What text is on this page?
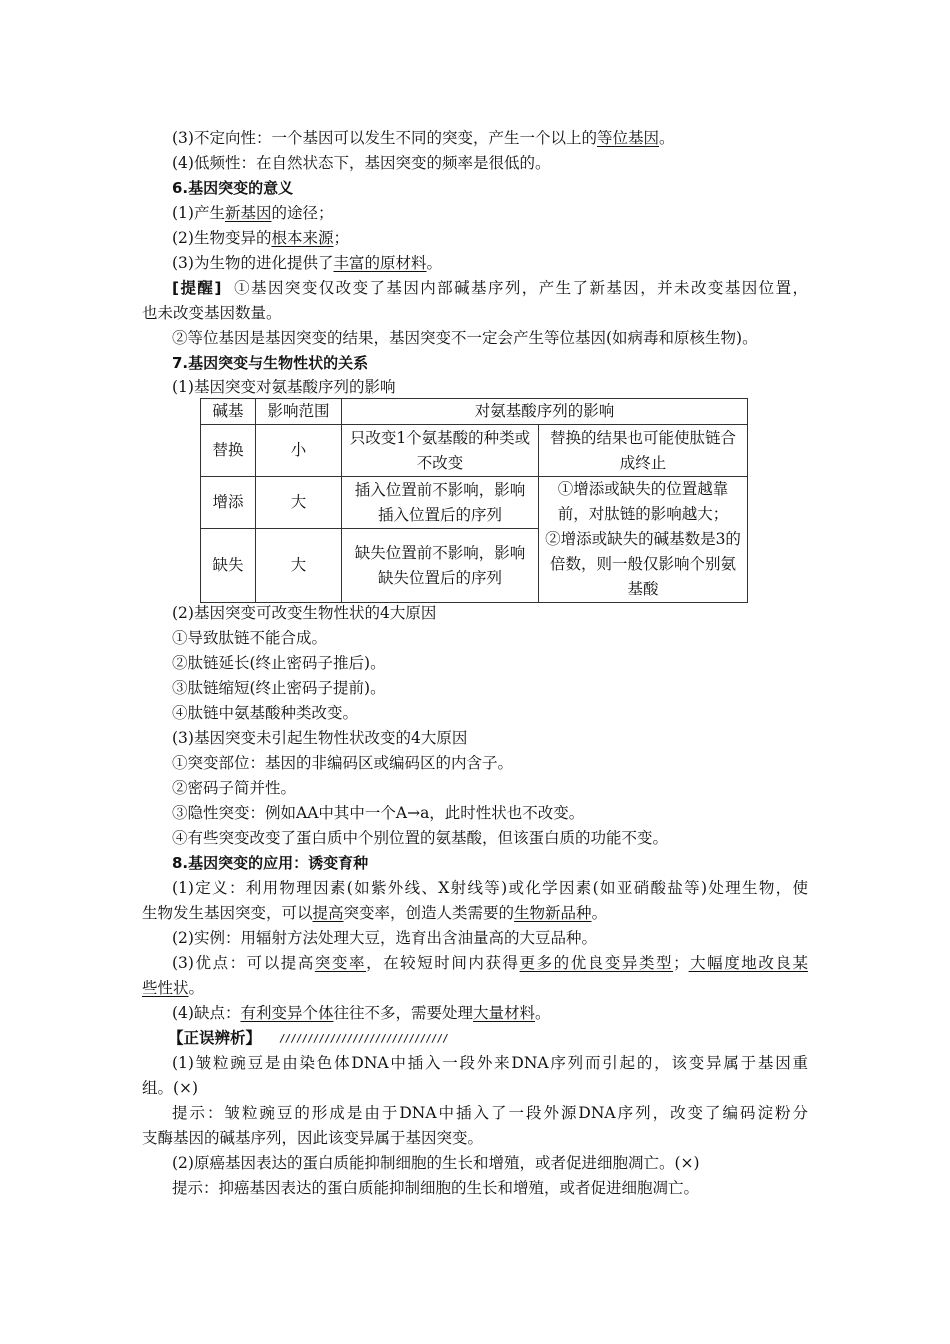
(3)不定向性：一个基因可以发生不同的突变，产生一个以上的等位基因。
(4)低频性：在自然状态下，基因突变的频率是很低的。
6.基因突变的意义
(1)产生新基因的途径；
(2)生物变异的根本来源；
(3)为生物的进化提供了丰富的原材料。
[提醒] ①基因突变仅改变了基因内部碱基序列，产生了新基因，并未改变基因位置，
也未改变基因数量。
②等位基因是基因突变的结果，基因突变不一定会产生等位基因(如病毒和原核生物)。
7.基因突变与生物性状的关系
(1)基因突变对氨基酸序列的影响
碱基	影响范围	对氨基酸序列的影响	
替换	小	只改变1个氨基酸的种类或不改变	替换的结果也可能使肽链合成终止
增添	大	插入位置前不影响，影响插入位置后的序列	①增添或缺失的位置越靠前，对肽链的影响越大；
②增添或缺失的碱基数是3的倍数，则一般仅影响个别氨基酸

缺失	大	缺失位置前不影响，影响缺失位置后的序列	
(2)基因突变可改变生物性状的4大原因
①导致肽链不能合成。
②肽链延长(终止密码子推后)。
③肽链缩短(终止密码子提前)。
④肽链中氨基酸种类改变。
(3)基因突变未引起生物性状改变的4大原因
①突变部位：基因的非编码区或编码区的内含子。
②密码子简并性。
③隐性突变：例如AA中其中一个A→a，此时性状也不改变。
④有些突变改变了蛋白质中个别位置的氨基酸，但该蛋白质的功能不变。
8.基因突变的应用：诱变育种
(1)定义：利用物理因素(如紫外线、X射线等)或化学因素(如亚硝酸盐等)处理生物，使
生物发生基因突变，可以提高突变率，创造人类需要的生物新品种。
(2)实例：用辐射方法处理大豆，选育出含油量高的大豆品种。
(3)优点：可以提高突变率，在较短时间内获得更多的优良变异类型；大幅度地改良某
些性状。
(4)缺点：有利变异个体往往不多，需要处理大量材料。
【正误辨析】 //////////////////////////////
(1)皱粒豌豆是由染色体DNA中插入一段外来DNA序列而引起的，该变异属于基因重
组。(×)
提示：皱粒豌豆的形成是由于DNA中插入了一段外源DNA序列，改变了编码淀粉分
支酶基因的碱基序列，因此该变异属于基因突变。
(2)原癌基因表达的蛋白质能抑制细胞的生长和增殖，或者促进细胞凋亡。(×)
提示：抑癌基因表达的蛋白质能抑制细胞的生长和增殖，或者促进细胞凋亡。
